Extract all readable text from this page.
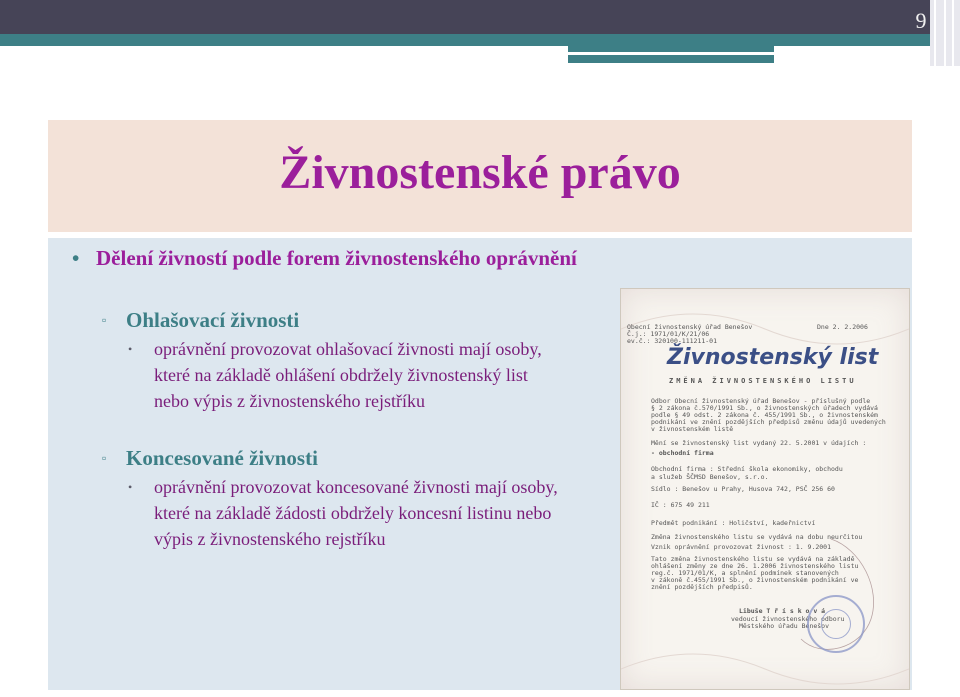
9
Živnostenské právo
• Dělení živností podle forem živnostenského oprávnění
▫ Ohlašovací živnosti
• oprávnění provozovat ohlašovací živnosti mají osoby,
které na základě ohlášení obdržely živnostenský list
nebo výpis z živnostenského rejstříku
▫ Koncesované živnosti
• oprávnění provozovat koncesované živnosti mají osoby,
které na základě žádosti obdržely koncesní listinu nebo
výpis z živnostenského rejstříku
Obecní živnostenský úřad Benešov	Dne 2. 2.2006
Č.j.: 1971/01/K/21/06
ev.č.: 320100-111211-01
Živnostenský list
ZMĚNA ŽIVNOSTENSKÉHO LISTU
Odbor Obecní živnostenský úřad Benešov - příslušný podle
§ 2 zákona č.570/1991 Sb., o živnostenských úřadech vydává
podle § 49 odst. 2 zákona č. 455/1991 Sb., o živnostenském
podnikání ve znění pozdějších předpisů změnu údajů uvedených
v živnostenském listě
Mění se živnostenský list vydaný 22. 5.2001 v údajích :
- obchodní firma
Obchodní firma : Střední škola ekonomiky, obchodu
a služeb ŠČMSD Benešov, s.r.o.
Sídlo : Benešov u Prahy, Husova 742, PSČ 256 60
IČ : 675 49 211
Předmět podnikání : Holičství, kadeřnictví
Změna živnostenského listu se vydává na dobu neurčitou
Vznik oprávnění provozovat živnost : 1. 9.2001
Tato změna živnostenského listu se vydává na základě
ohlášení změny ze dne 26. 1.2006 živnostenského listu
reg.č. 1971/01/K, a splnění podmínek stanovených
v zákoně č.455/1991 Sb., o živnostenském podnikání ve
znění pozdějších předpisů.
Libuše T ř í s k o v á
vedoucí živnostenského odboru
Městského úřadu Benešov
